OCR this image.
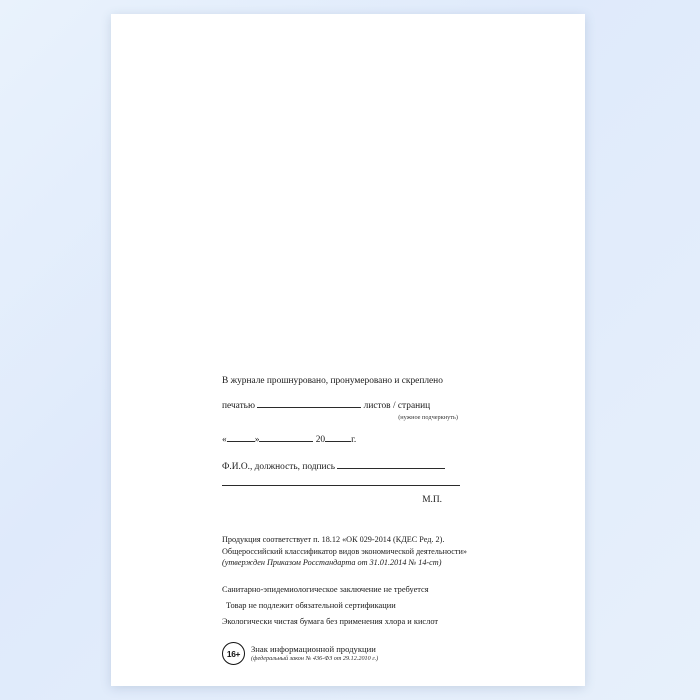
В журнале прошнуровано, пронумеровано и скреплено
печатью	листов / страниц
(нужное подчеркнуть)
«	»	20	г.
Ф.И.О., должность, подпись
М.П.
Продукция соответствует п. 18.12 «ОК 029-2014 (КДЕС Ред. 2).
Общероссийский классификатор видов экономической деятельности»
(утвержден Приказом Росстандарта от 31.01.2014 № 14-ст)
Санитарно-эпидемиологическое заключение не требуется
Товар не подлежит обязательной сертификации
Экологически чистая бумага без применения хлора и кислот
16+	Знак информационной продукции
(федеральный закон № 436-ФЗ от 29.12.2010 г.)
